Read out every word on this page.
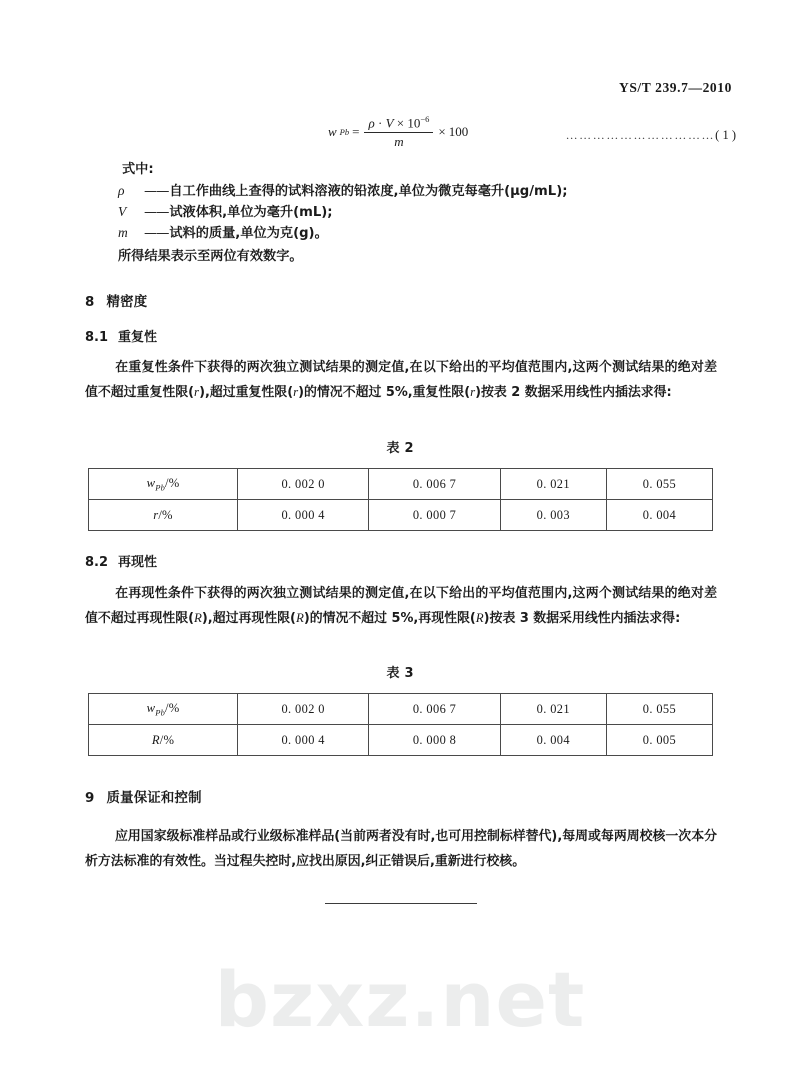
bzxz.net
YS/T 239.7—2010
w $Pb = \frac{\rho \cdot V \times 10^{-6}}{m} \times 100$	……………………………( 1 )
式中:
ρ	—— 自工作曲线上查得的试料溶液的铅浓度,单位为微克每毫升(μg/mL);
V	—— 试液体积,单位为毫升(mL);
m	—— 试料的质量,单位为克(g)。
所得结果表示至两位有效数字。
8 精密度
8.1 重复性
在重复性条件下获得的两次独立测试结果的测定值,在以下给出的平均值范围内,这两个测试结果的绝对差值不超过重复性限(r),超过重复性限(r)的情况不超过 5%,重复性限(r)按表 2 数据采用线性内插法求得:
表 2
$w_{Pb}/\%$	0. 002 0	0. 006 7	0. 021	0. 055
r/%	0. 000 4	0. 000 7	0. 003	0. 004
8.2 再现性
在再现性条件下获得的两次独立测试结果的测定值,在以下给出的平均值范围内,这两个测试结果的绝对差值不超过再现性限(R),超过再现性限(R)的情况不超过 5%,再现性限(R)按表 3 数据采用线性内插法求得:
表 3
$w_{Pb}/\%$	0. 002 0	0. 006 7	0. 021	0. 055
R/%	0. 000 4	0. 000 8	0. 004	0. 005
9 质量保证和控制
应用国家级标准样品或行业级标准样品(当前两者没有时,也可用控制标样替代),每周或每两周校核一次本分析方法标准的有效性。当过程失控时,应找出原因,纠正错误后,重新进行校核。
